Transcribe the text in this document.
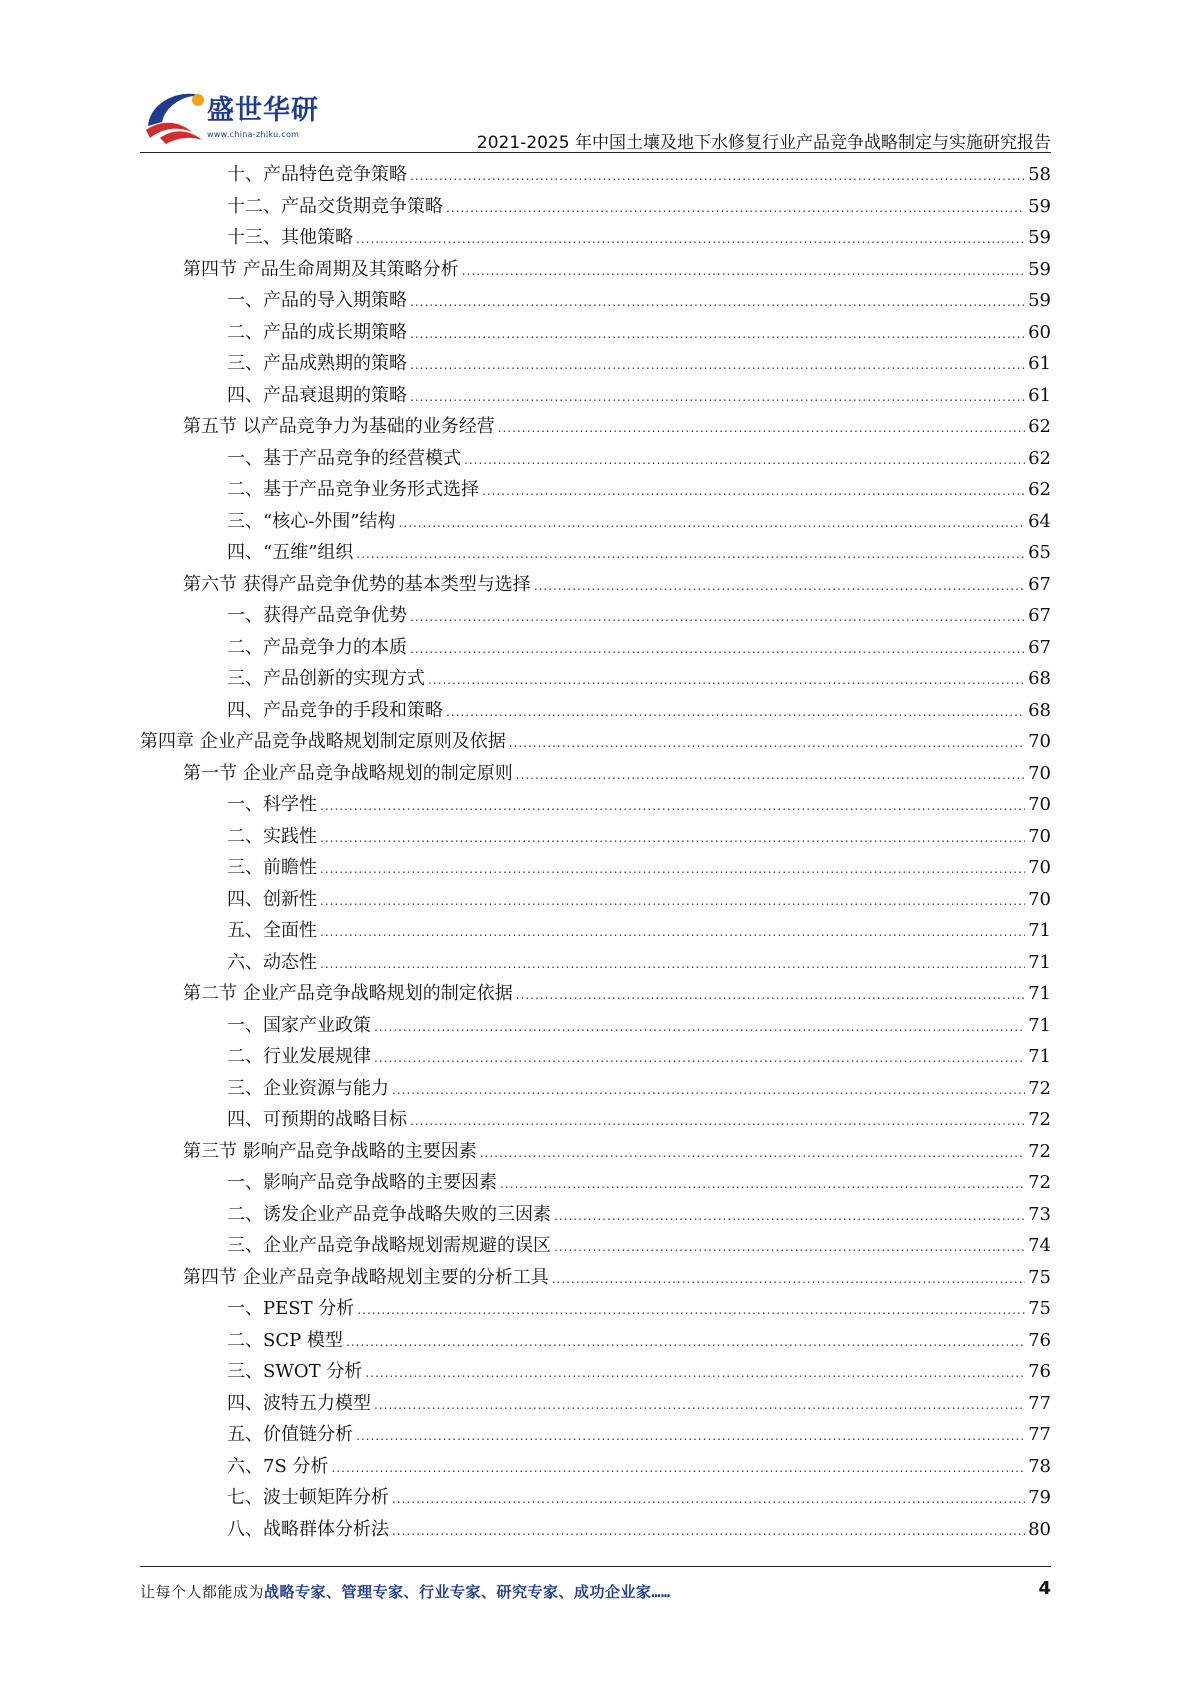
盛世华研
www.china-zhiku.com	2021-2025 年中国土壤及地下水修复行业产品竞争战略制定与实施研究报告
十、产品特色竞争策略 .....	58
十二、产品交货期竞争策略 .....	59
十三、其他策略 .....	59
第四节 产品生命周期及其策略分析 .....	59
一、产品的导入期策略 .....	59
二、产品的成长期策略 .....	60
三、产品成熟期的策略 .....	61
四、产品衰退期的策略 .....	61
第五节 以产品竞争力为基础的业务经营 .....	62
一、基于产品竞争的经营模式 .....	62
二、基于产品竞争业务形式选择 .....	62
三、“核心-外围”结构 .....	64
四、“五维”组织 .....	65
第六节 获得产品竞争优势的基本类型与选择 .....	67
一、获得产品竞争优势 .....	67
二、产品竞争力的本质 .....	67
三、产品创新的实现方式 .....	68
四、产品竞争的手段和策略 .....	68
第四章 企业产品竞争战略规划制定原则及依据 .....	70
第一节 企业产品竞争战略规划的制定原则 .....	70
一、科学性 .....	70
二、实践性 .....	70
三、前瞻性 .....	70
四、创新性 .....	70
五、全面性 .....	71
六、动态性 .....	71
第二节 企业产品竞争战略规划的制定依据 .....	71
一、国家产业政策 .....	71
二、行业发展规律 .....	71
三、企业资源与能力 .....	72
四、可预期的战略目标 .....	72
第三节 影响产品竞争战略的主要因素 .....	72
一、影响产品竞争战略的主要因素 .....	72
二、诱发企业产品竞争战略失败的三因素 .....	73
三、企业产品竞争战略规划需规避的误区 .....	74
第四节 企业产品竞争战略规划主要的分析工具 .....	75
一、PEST 分析 .....	75
二、SCP 模型 .....	76
三、SWOT 分析 .....	76
四、波特五力模型 .....	77
五、价值链分析 .....	77
六、7S 分析 .....	78
七、波士顿矩阵分析 .....	79
八、战略群体分析法 .....	80
让每个人都能成为战略专家、管理专家、行业专家、研究专家、成功企业家……	4
